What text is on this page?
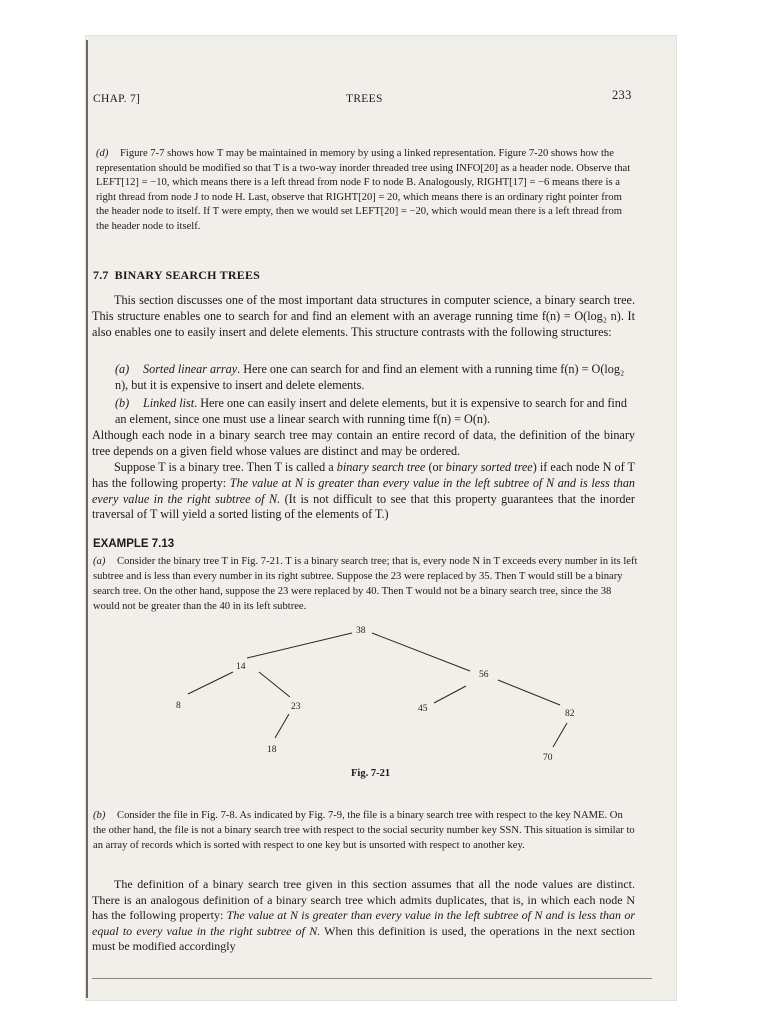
CHAP. 7]	TREES	233
(d) Figure 7-7 shows how T may be maintained in memory by using a linked representation. Figure 7-20 shows how the representation should be modified so that T is a two-way inorder threaded tree using INFO[20] as a header node. Observe that LEFT[12] = −10, which means there is a left thread from node F to node B. Analogously, RIGHT[17] = −6 means there is a right thread from node J to node H. Last, observe that RIGHT[20] = 20, which means there is an ordinary right pointer from the header node to itself. If T were empty, then we would set LEFT[20] = −20, which would mean there is a left thread from the header node to itself.
7.7 BINARY SEARCH TREES
This section discusses one of the most important data structures in computer science, a binary search tree. This structure enables one to search for and find an element with an average running time f(n) = O(log₂ n). It also enables one to easily insert and delete elements. This structure contrasts with the following structures:
(a) Sorted linear array. Here one can search for and find an element with a running time f(n) = O(log₂ n), but it is expensive to insert and delete elements.
(b) Linked list. Here one can easily insert and delete elements, but it is expensive to search for and find an element, since one must use a linear search with running time f(n) = O(n).
Although each node in a binary search tree may contain an entire record of data, the definition of the binary tree depends on a given field whose values are distinct and may be ordered.
Suppose T is a binary tree. Then T is called a binary search tree (or binary sorted tree) if each node N of T has the following property: The value at N is greater than every value in the left subtree of N and is less than every value in the right subtree of N. (It is not difficult to see that this property guarantees that the inorder traversal of T will yield a sorted listing of the elements of T.)
EXAMPLE 7.13
(a) Consider the binary tree T in Fig. 7-21. T is a binary search tree; that is, every node N in T exceeds every number in its left subtree and is less than every number in its right subtree. Suppose the 23 were replaced by 35. Then T would still be a binary search tree. On the other hand, suppose the 23 were replaced by 40. Then T would not be a binary search tree, since the 38 would not be greater than the 40 in its left subtree.
38
14
56
8	23	45	82
18
70
Fig. 7-21
(b) Consider the file in Fig. 7-8. As indicated by Fig. 7-9, the file is a binary search tree with respect to the key NAME. On the other hand, the file is not a binary search tree with respect to the social security number key SSN. This situation is similar to an array of records which is sorted with respect to one key but is unsorted with respect to another key.
The definition of a binary search tree given in this section assumes that all the node values are distinct. There is an analogous definition of a binary search tree which admits duplicates, that is, in which each node N has the following property: The value at N is greater than every value in the left subtree of N and is less than or equal to every value in the right subtree of N. When this definition is used, the operations in the next section must be modified accordingly
